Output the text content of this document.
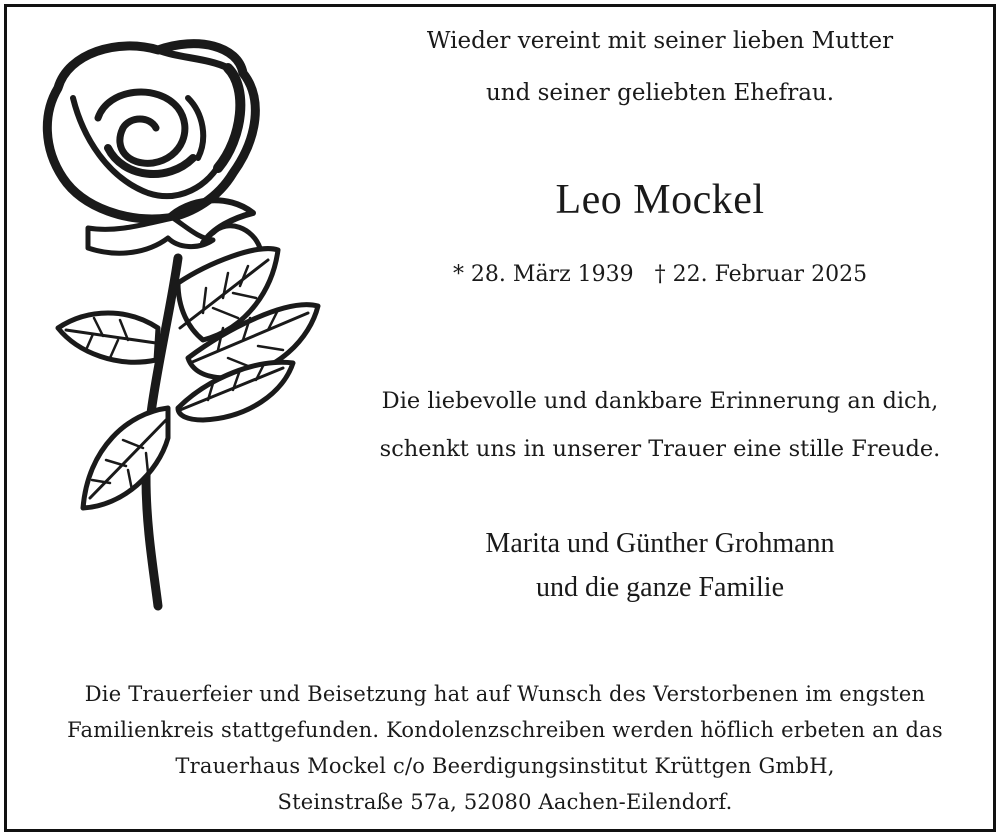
Wieder vereint mit seiner lieben Mutter
und seiner geliebten Ehefrau.
Leo Mockel
* 28. März 1939   † 22. Februar 2025
Die liebevolle und dankbare Erinnerung an dich,
schenkt uns in unserer Trauer eine stille Freude.
Marita und Günther Grohmann
und die ganze Familie
Die Trauerfeier und Beisetzung hat auf Wunsch des Verstorbenen im engsten
Familienkreis stattgefunden. Kondolenzschreiben werden höflich erbeten an das
Trauerhaus Mockel c/o Beerdigungsinstitut Krüttgen GmbH,
Steinstraße 57a, 52080 Aachen-Eilendorf.
